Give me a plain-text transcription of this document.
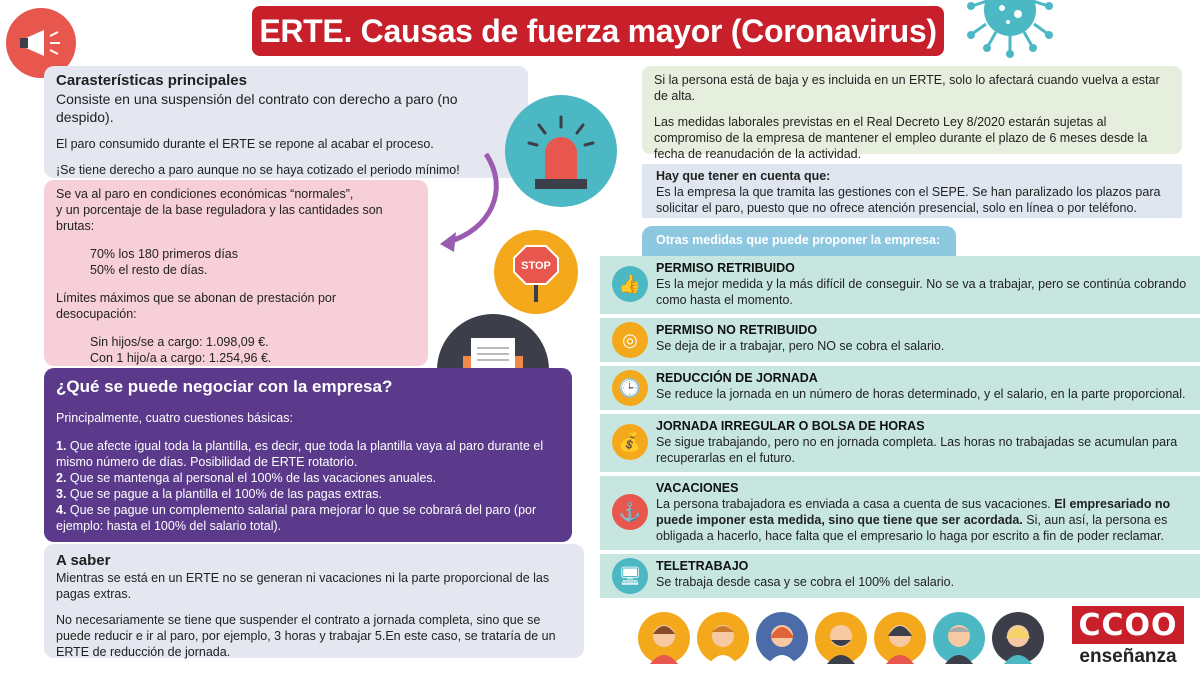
ERTE. Causas de fuerza mayor (Coronavirus)
Carasterísticas principales
Consiste en una suspensión del contrato con derecho a paro (no despido).
El paro consumido durante el ERTE se repone al acabar el proceso.
¡Se tiene derecho a paro aunque no se haya cotizado el periodo mínimo!
Se va al paro en condiciones económicas “normales”,
y un porcentaje de la base reguladora y las cantidades son brutas:
70% los 180 primeros días
50% el resto de días.
Límites máximos que se abonan de prestación por desocupación:
Sin hijos/se a cargo: 1.098,09 €.
Con 1 hijo/a a cargo: 1.254,96 €.
STOP
¿Qué se puede negociar con la empresa?
Principalmente, cuatro cuestiones básicas:
1. Que afecte igual toda la plantilla, es decir, que toda la plantilla vaya al paro durante el mismo número de días. Posibilidad de ERTE rotatorio.
2. Que se mantenga al personal el 100% de las vacaciones anuales.
3. Que se pague a la plantilla el 100% de las pagas extras.
4. Que se pague un complemento salarial para mejorar lo que se cobrará del paro (por ejemplo: hasta el 100% del salario total).
A saber
Mientras se está en un ERTE no se generan ni vacaciones ni la parte proporcional de las pagas extras.
No necesariamente se tiene que suspender el contrato a jornada completa, sino que se puede reducir e ir al paro, por ejemplo, 3 horas y trabajar 5.En este caso, se trataría de un ERTE de reducción de jornada.
Si la persona está de baja y es incluida en un ERTE, solo lo afectará cuando vuelva a estar de alta.
Las medidas laborales previstas en el Real Decreto Ley 8/2020 estarán sujetas al compromiso de la empresa de mantener el empleo durante el plazo de 6 meses desde la fecha de reanudación de la actividad.
Hay que tener en cuenta que:
Es la empresa la que tramita las gestiones con el SEPE. Se han paralizado los plazos para solicitar el paro, puesto que no ofrece atención presencial, solo en línea o por teléfono.
Otras medidas que puede proponer la empresa:
👍
PERMISO RETRIBUIDO
Es la mejor medida y la más difícil de conseguir. No se va a trabajar, pero se continúa cobrando como hasta el momento.
◎	PERMISO NO RETRIBUIDO
Se deja de ir a trabajar, pero NO se cobra el salario.
🕒	REDUCCIÓN DE JORNADA
Se reduce la jornada en un número de horas determinado, y el salario, en la parte proporcional.
💰
JORNADA IRREGULAR O BOLSA DE HORAS
Se sigue trabajando, pero no en jornada completa. Las horas no trabajadas se acumulan para recuperarlas en el futuro.
⚓
VACACIONES
La persona trabajadora es enviada a casa a cuenta de sus vacaciones. El empresariado no puede imponer esta medida, sino que tiene que ser acordada. Si, aun así, la persona es obligada a hacerlo, hace falta que el empresario lo haga por escrito a fin de poder reclamar.
🖥	TELETRABAJO
Se trabaja desde casa y se cobra el 100% del salario.
CCOO
enseñanza
